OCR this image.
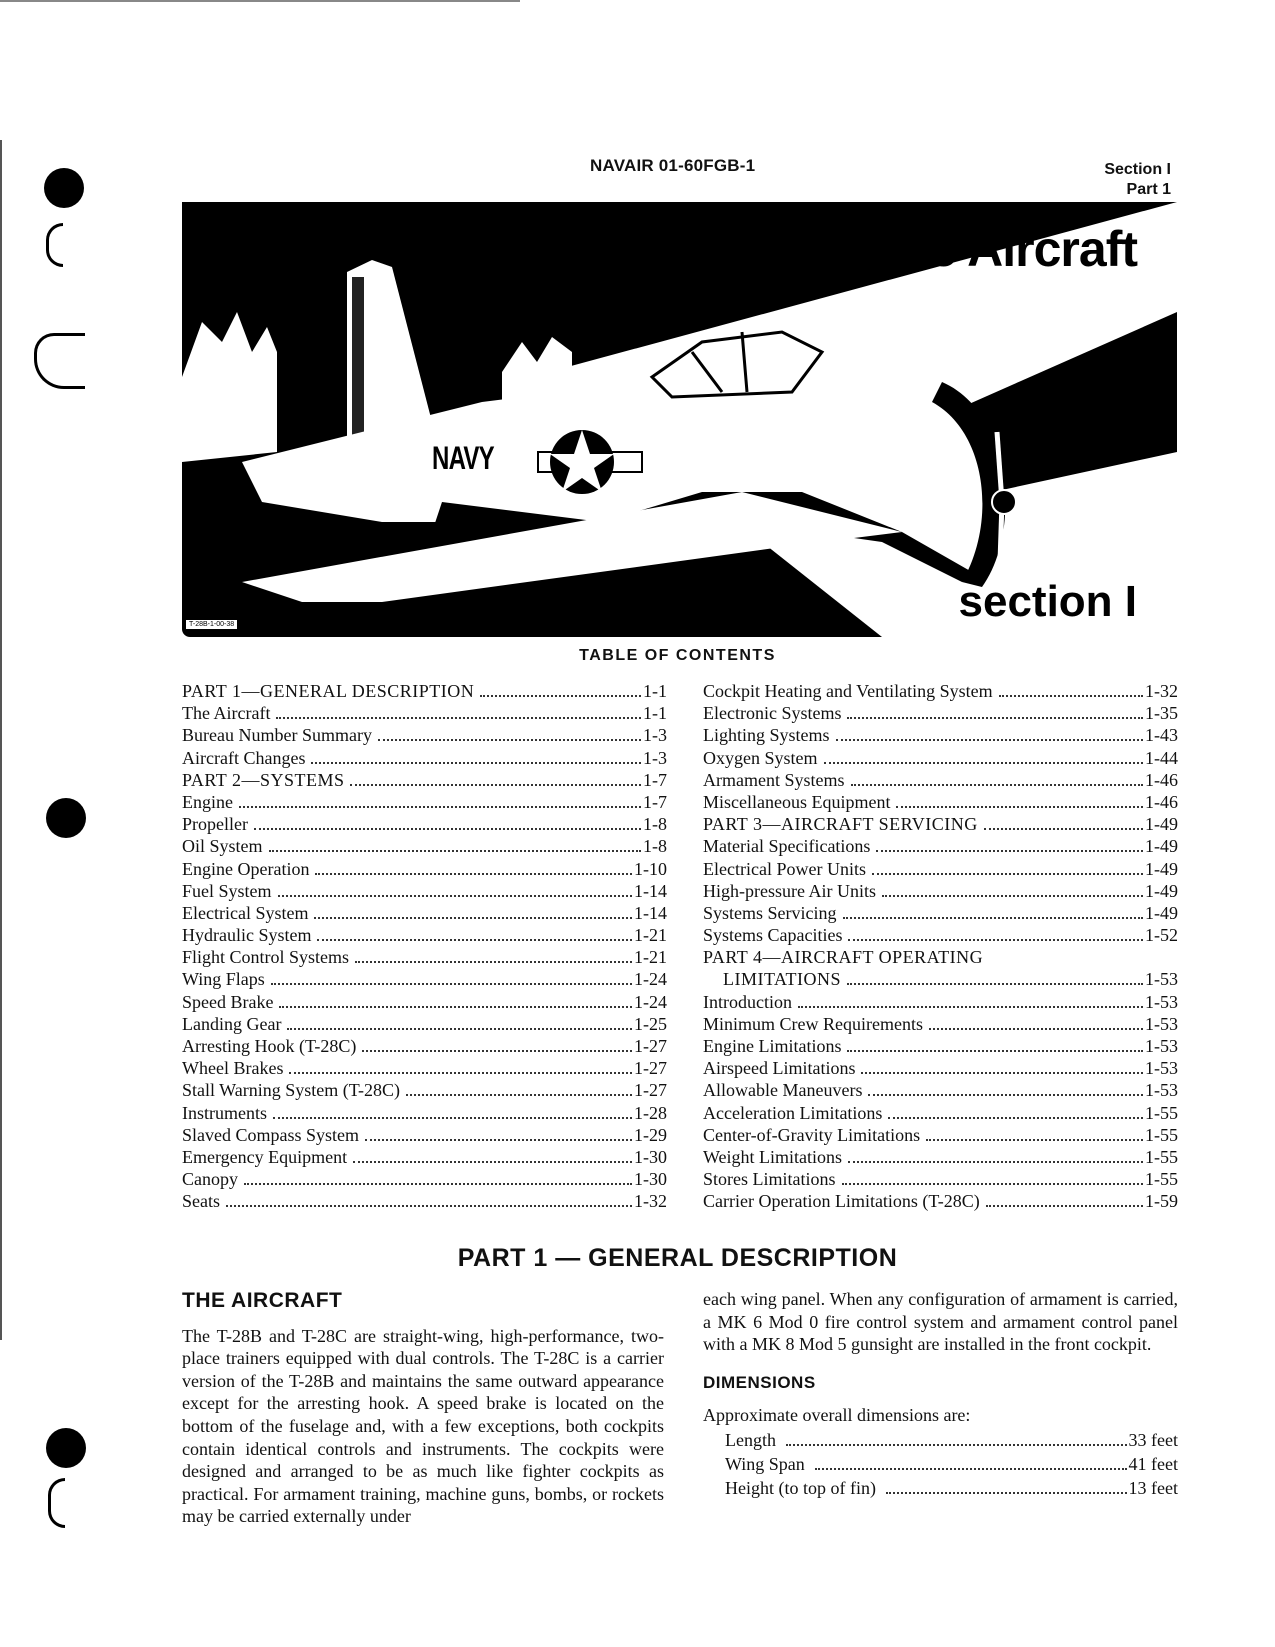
NAVAIR 01-60FGB-1	Section I
Part 1
NAVY
e Aircraft
section I
T-28B-1-00-38
TABLE OF CONTENTS
PART 1—GENERAL DESCRIPTION	1-1
The Aircraft	1-1
Bureau Number Summary	1-3
Aircraft Changes	1-3
PART 2—SYSTEMS	1-7
Engine	1-7
Propeller	1-8
Oil System	1-8
Engine Operation	1-10
Fuel System	1-14
Electrical System	1-14
Hydraulic System	1-21
Flight Control Systems	1-21
Wing Flaps	1-24
Speed Brake	1-24
Landing Gear	1-25
Arresting Hook (T-28C)	1-27
Wheel Brakes	1-27
Stall Warning System (T-28C)	1-27
Instruments	1-28
Slaved Compass System	1-29
Emergency Equipment	1-30
Canopy	1-30
Seats	1-32
Cockpit Heating and Ventilating System	1-32
Electronic Systems	1-35
Lighting Systems	1-43
Oxygen System	1-44
Armament Systems	1-46
Miscellaneous Equipment	1-46
PART 3—AIRCRAFT SERVICING	1-49
Material Specifications	1-49
Electrical Power Units	1-49
High-pressure Air Units	1-49
Systems Servicing	1-49
Systems Capacities	1-52
PART 4—AIRCRAFT OPERATING
LIMITATIONS	1-53
Introduction	1-53
Minimum Crew Requirements	1-53
Engine Limitations	1-53
Airspeed Limitations	1-53
Allowable Maneuvers	1-53
Acceleration Limitations	1-55
Center-of-Gravity Limitations	1-55
Weight Limitations	1-55
Stores Limitations	1-55
Carrier Operation Limitations (T-28C)	1-59
PART 1 — GENERAL DESCRIPTION
THE AIRCRAFT

The T-28B and T-28C are straight-wing, high-performance, two-place trainers equipped with dual controls. The T-28C is a carrier version of the T-28B and maintains the same outward appearance except for the arresting hook. A speed brake is located on the bottom of the fuselage and, with a few exceptions, both cockpits contain identical controls and instruments. The cockpits were designed and arranged to be as much like fighter cockpits as practical. For armament training, machine guns, bombs, or rockets may be carried externally under

each wing panel. When any configuration of armament is carried, a MK 6 Mod 0 fire control system and armament control panel with a MK 8 Mod 5 gunsight are installed in the front cockpit.

DIMENSIONS
Approximate overall dimensions are:
Length	33 feet
Wing Span	41 feet
Height (to top of fin)	13 feet
